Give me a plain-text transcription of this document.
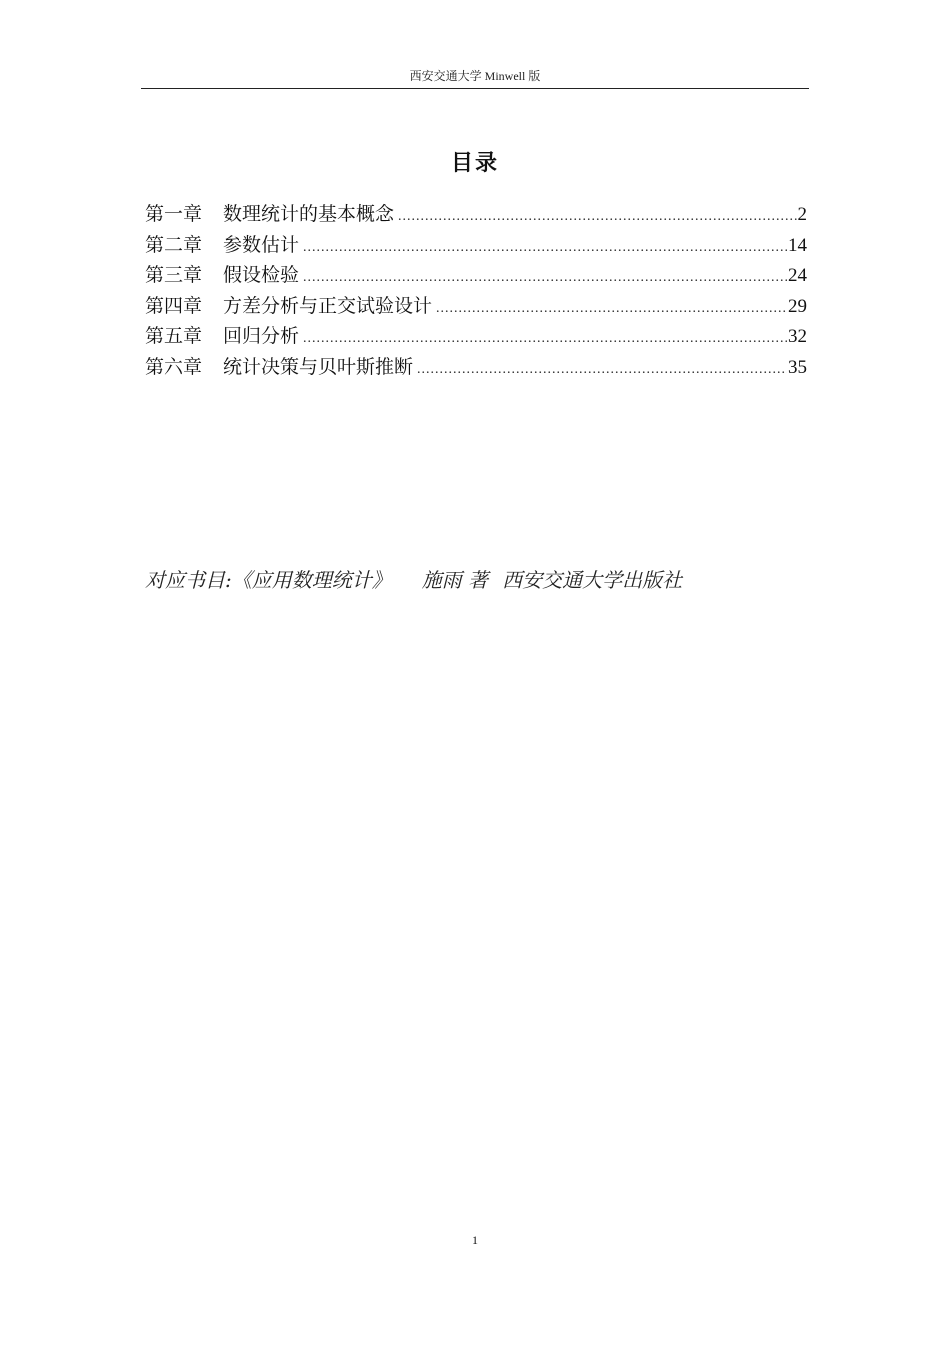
西安交通大学 Minwell 版
目录
第一章	数理统计的基本概念 .....	2
第二章	参数估计 .....	14
第三章	假设检验 .....	24
第四章	方差分析与正交试验设计 .....	29
第五章	回归分析 .....	32
第六章	统计决策与贝叶斯推断 .....	35
对应书目:《应用数理统计》 施雨 著 西安交通大学出版社
1
